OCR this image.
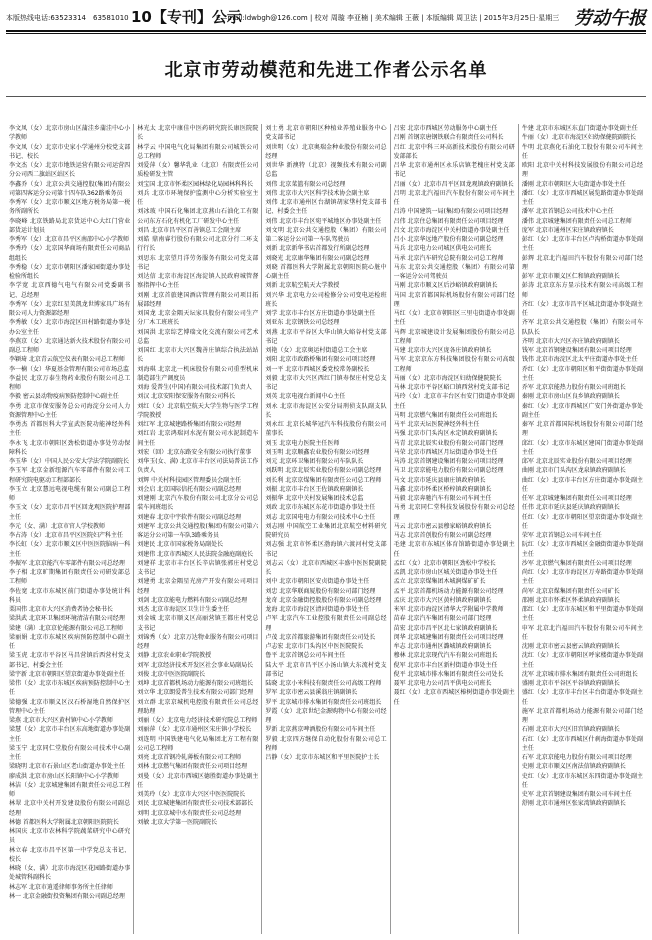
本版热线电话:63523314　63581010 10【专刊】公示
E—mail:ldwbgh@126.com | 校对 周璇 李亚楠 | 美术编辑 王薇 | 本版编辑 周卫法 | 2015年3月25日·星期三 劳动午报
北京市劳动模范和先进工作者公示名单

李文凤（女）北京市房山区蒲洼乡蒲洼中心小学教师

李文凤（女）北京市史家小学通州分校党支部书记、校长

李文杰（女）北京市地铁运营有限公司运营四分公司西二旗站区站区长

李鑫乔（女）北京公共交通控股(集团)有限公司第四客运分公司第十四车队362路乘务员

李秀军（女）北京市顺义区地方税务局第一税务所副所长

李晓峰 北京铁路局北京货运中心大红门营业部货运计划员

李秀军（女）北京市昌平区南邵中心小学教师

李秀玲（女）北京国华商场有限责任公司商品组组长

李秀稳（女）北京市朝阳区潘家园街道办事处检验所组长

李学宽 北京西德气电气有限公司党委副书记、总经理

李秀军（女）北京红星美凯龙世博家具广场有限公司人力资源部经理

李秀敏（女）北京市海淀区田村路街道办事处办公室主任

李燕京（女）北京通达新火技术股份有限公司副总工程师

李颖琦 北京青云航空仪表有限公司总工程师

李一楠（女）华夏基金管理有限公司市场总监

李益民 北京万泰生物药业股份有限公司总工程师

李毅 密云县动物疫病预防控制中心副主任

李勇 北京市保安服务总公司海淀分公司人力资源管理中心主任

李勇杰 首都医科大学宣武医院功能神经外科主任

李永飞 北京市朝阳区劲松街道办事处劳动保障科长

李玉华（女）中国人民公安大学法学院副院长

李玉军 北京金新纽源汽车零部件有限公司工程研究院电驱动工程部部长

李玉立 北京慧远电视电缆有限公司副总工程师

李玉文（女）北京市昌平区回龙观医院护理部主任

李元（女、满）北京市官人学校教师

李占涛（女）北京市昌平区医院妇产科主任

李长虹（女）北京市顺义区中医医院脑病一科主任

李振军 北京京能汽车零部件有限公司总经理

李子相 北京旷期集团有限责任公司研发部总工程师

李佐宽 北京市东城区前门街道办事处统计科科员

栗国伟 北京市大兴区消费者协会秘书长

梁洪武 北京环卫集团环境清洁有限公司经理

梁建（满）北京京伦能源有限公司总工程师

梁丽娟 北京市东城区疾病预防控制中心副主任

梁玉虎 北京市平谷区马昌营镇后西营村党支部书记、村委会主任

梁宇新 北京市朝阳区望京街道办事处副主任

梁伟（女）北京市东城区疾病预防控制中心主任

梁德强 北京市顺义区汉石桥湿地自然保护区管理中心主任

梁燕 北京市大兴区黄村镇中心小学教师

梁慧（女）北京市丰台区东高地街道办事处副主任

梁玉宁 北京同仁堂股份有限公司技术中心副主任

梁晓明 北京市石景山区老山街道办事处主任

廖成洪 北京市房山区长阳镇中心小学教师

林洁（女）北京城建集团有限责任公司总工程师

林翠 北京中关村开发建设股份有限公司副总经理

林德 首都医科大学附属北京朝阳医院院长

林国庆 北京市农林科学院蔬菜研究中心研究员

林立春 北京市昌平区第一中学党总支书记、校长

林晓（女、满）北京市海淀区花园路街道办事处城管科副科长

林志军 北京市逍遥律师事务所主任律师

林一 北京金融街投资集团有限公司副总经理

林光太 北京中康佳中医药研究院长康医院院长

林学云 中国电气化局集团有限公司城铁公司总工程师

刘爱萍（女）馨华乳业（北京）有限责任公司质检研发主管

刘宝国 北京市怀柔区园林绿化局园林科科长

刘兵 北京市环境保护监测中心分析实验室主任

刘冰玻 中国石化集团北京燕山石油化工有限公司东方石化有机化工厂研发中心主任

刘昌 北京市昌平区百善镇总工会副主席

刘皓 鼎南睿行股份有限公司北京分行二环支行行长

刘思东 北京望月洋劳务服务有限公司党支部书记

刘达信 北京市海淀区海淀镇人民政府城管督察指挥中心主任

刘刚 北京首旅建国酒店管理有限公司项目拓展部经理

刘国龙 北京金隅天坛家具股份有限公司生产分厂木工班班长

刘国洪 北京综艺博瑞文化交流有限公司艺术总监

刘国红 北京市大兴区魏善庄镇综合执法站站长

刘海琪 北京北一机床股份有限公司重型机床制造部生产调度员

刘海 爱普生(中国)有限公司技术部门负责人

刘汉 北京安阳保安服务有限公司科长

刘红（女）北京航空航天大学生物与医学工程学院教授

刘红军 北京城建路桥集团有限公司经理

刘红岩 北京鸿瑞河水泥有限公司水泥制造车间主任

刘宏（回）北京东路安全有限公司执行董事

刘华玉(女、满) 北京市丰台区司法局普法工作负责人

刘辉 中关村科技园区管理委员会副主任

刘会启 北京国际信托有限公司副总经理

刘建刚 北京汽车股份有限公司北京分公司总装车间班组长

刘建春 北京中宇软件有限公司副总经理

刘建军 北京公共交通控股(集团)有限公司第六客运分公司第一车队3路乘务员

刘建民 北京市国家税务局副处长

刘建伟 北京市西城区人民法院金融庭副庭长

刘建祥 北京市丰台区长辛店镇张郭庄村党总支书记

刘建勇 北京金隅星光房产开发有限公司项目经理

刘剑 北京京能电力燃料有限公司副总经理

刘杰 北京市海淀区卫生计生委主任

刘金城 北京市顺义区高丽营镇王都庄村党总支书记

刘锦秀（女）北京万达物业服务有限公司项目经理

刘静 北京农业职业学院教授

刘军 北京经济技术开发区社会事业局副局长

刘俊 北京中医医院副院长

刘坤 北京首都机场动力能源有限公司班组长

刘立华 北京朗爱普生技术有限公司部门经理

刘立群 北京京城机电控股有限责任公司总经理助理

刘丽（女）北京电力经济技术研究院总工程师

刘丽萍（女）北京市通州区宋庄镇小学校长

刘连明 中国铁建电气化局集团北方工程有限公司总工程师

刘亮 北京首钢冷轧薄板有限公司工程师

刘林 北京燃气集团有限责任公司项目经理

刘曼（女）北京市西城区德胜街道办事处副主任

刘美玲（女）北京市大兴区中医医院院长

刘民 北京城建集团有限责任公司技术部部长

刘明 北京京城中水有限责任公司总经理

刘敏 北京大学第一医院副院长

刘士勇 北京市朝阳区种植业养殖业服务中心党支部书记

刘世明（女）北京奥瑞金种业股份有限公司总经理

刘世华 新澳特（北京）视频技术有限公司副总监

刘伟 北京菜篮有限公司总经理

刘伟 北京市大兴区科学技术协会副主席

刘伟 北京市通州区台湖镇胡家垡村党支部书记、村委会主任

刘伟 北京市丰台区宛平城地区办事处副主任

刘文明 北京公共交通控股（集团）有限公司第二客运分公司第一车队驾驶员

刘新 北京新华书店首都发行所副总经理

刘晓光 北京康华集团有限公司副总经理

刘晓 首都医科大学附属北京朝阳医院心脏中心副主任

刘新 北京航空航天大学教授

刘兴华 北京电力公司检修分公司变电运检班班长

刘学 北京市丰台区方庄街道办事处副主任

刘亚东 北京钢铁公司总经理

刘燕 北京市平谷区大华山镇大峪谷村党支部书记

刘艳（女）北京奥运村街道总工会主席

刘阳 北京市政路桥集团有限公司项目经理

刘一平 北京市西城区委党校常务副校长

刘毅 北京市大兴区西红门镇寿保庄村党总支书记

刘英 北京电视台新闻中心主任

刘永 北京市海淀区公安分局刑侦支队副支队长

刘永红 北京长城华冠汽车科技股份有限公司董事长

刘玉 北京电力医院主任医师

刘玉明 北京顺鑫农业股份有限公司经理

刘元 北京环卫集团有限公司车队队长

刘跃明 北京北辰实业股份有限公司副总经理

刘长利 北京京煤集团有限责任公司总工程师

刘振 北京市丰台区王佐镇政府副镇长

刘振华 北京中关村发展集团技术总监

刘政 北京市东城区东花市街道办事处主任

刘志 北京国电电力有限公司技术中心主任

刘志刚 中国航空工业集团北京航空材料研究院研究员

刘志强 北京市怀柔区渤海镇六渡河村党支部书记

刘志云（女）北京市西城区丰盛中医医院副院长

刘中 北京市朝阳区安贞街道办事处主任

刘忠 北京华联商厦股份有限公司部门经理

龙奇 北京金融街控股股份有限公司副总经理

龙海 北京市海淀区清河街道办事处主任

卢军 北京汽车工业控股有限责任公司副总经理

卢茂 北京首都旅游集团有限责任公司处长

卢志宏 北京市门头沟区中医医院院长

鲁平 北京首钢总公司车间主任

陆大平 北京市昌平区小汤山镇大东流村党支部书记

陆晓 北京小米科技有限责任公司高级工程师

罗军 北京市密云县溪翁庄镇副镇长

罗平 北京城市排水集团有限责任公司班组长

罗霞（女）北京世纪金源购物中心有限公司经理

罗新 北京燕京啤酒股份有限公司车间主任

罗毅 北京四方继保自动化股份有限公司总工程师

吕静（女）北京市东城区和平里医院护士长

吕宏 北京市西城区劳动服务中心副主任

吕刚 首钢京唐钢铁联合有限责任公司科长

吕红 北京中科三环高新技术股份有限公司研发部部长

吕华 北京市通州区永乐店镇老槐庄村党支部书记

吕丽（女）北京市昌平区回龙观镇政府副镇长

吕明 北京北汽福田汽车股份有限公司车间主任

吕涛 中国建筑一局(集团)有限公司项目经理

吕伟 北京住总集团有限责任公司项目经理

吕文 北京市海淀区中关村街道办事处副主任

吕小 北京华远地产股份有限公司副总经理

马兵 北京电力公司城区供电公司班长

马承 北京汽车研究总院有限公司总工程师

马东 北京公共交通控股（集团）有限公司第一客运分公司驾驶员

马刚 北京市顺义区后沙峪镇政府副镇长

马国 北京首都国际机场股份有限公司部门经理

马红（女）北京市朝阳区三里屯街道办事处副主任

马辉 北京城建设计发展集团股份有限公司总工程师

马建 北京市大兴区庞各庄镇政府镇长

马军 北京京东方科技集团股份有限公司高级工程师

马丽（女）北京市海淀区妇幼保健院院长

马林 北京市平谷区峪口镇西营村党支部书记

马玲（女）北京市丰台区右安门街道办事处副主任

马明 北京燃气集团有限责任公司班组长

马平 北京天坛医院神经外科主任

马强 北京市门头沟区永定镇政府副镇长

马青 北京北辰实业股份有限公司部门经理

马荣 北京市西城区月坛街道办事处主任

马涛 北京首钢建设集团有限公司项目经理

马卫 北京京能电力股份有限公司副总经理

马文 北京市延庆县康庄镇政府镇长

马鑫 北京市怀柔区桥梓镇政府副镇长

马毅 北京奔驰汽车有限公司车间主任

马勇 北京同仁堂科技发展股份有限公司总经理

马云 北京市密云县穆家峪镇政府镇长

马志 北京首创股份有限公司副总经理

毛建 北京市东城区体育馆路街道办事处副主任

孟红（女）北京市朝阳区劲松中学校长

孟凯 北京市房山区城关街道办事处主任

孟立 北京京煤集团木城涧煤矿矿长

孟平 北京首都机场动力能源有限公司经理

孟庆 北京市大兴区黄村镇政府副镇长

米军 北京市海淀区清华大学附属中学教师

苗春 北京汽车集团有限公司部门经理

苗宏 北京市昌平区北七家镇政府副镇长

闵华 北京城建集团有限责任公司项目经理

牟志 北京市通州区潞城镇政府副镇长

穆林 北京北京现代汽车有限公司班组长

倪军 北京市丰台区新村街道办事处主任

倪平 北京城市排水集团有限责任公司处长

聂军 北京电力公司昌平供电公司班长

聂红（女）北京市西城区椿树街道办事处副主任

牛建 北京市东城区东直门街道办事处副主任

牛丽（女）北京市海淀区妇幼保健院副院长

牛明 北京燕化石油化工股份有限公司车间主任

欧阳 北京中关村科技发展股份有限公司总经理

潘刚 北京市朝阳区大屯街道办事处主任

潘红（女）北京市西城区展览路街道办事处副主任

潘军 北京首钢总公司技术中心主任

潘伟 北京城建集团有限责任公司总工程师

庞军 北京市通州区宋庄镇政府镇长

彭红（女）北京市丰台区卢沟桥街道办事处副主任

彭辉 北京北汽福田汽车股份有限公司部门经理

彭军 北京市顺义区仁和镇政府副镇长

彭涛 北京京东方显示技术有限公司高级工程师

齐红（女）北京市昌平区城北街道办事处副主任

齐军 北京公共交通控股（集团）有限公司车队队长

齐明 北京市大兴区亦庄镇政府副镇长

钱军 北京首钢建设集团有限公司项目经理

钱伟 北京市海淀区北太平庄街道办事处主任

乔红（女）北京市朝阳区和平街街道办事处副主任

乔军 北京京能热力股份有限公司班组长

秦刚 北京市房山区良乡镇政府副镇长

秦红（女）北京市西城区广安门外街道办事处副主任

秦军 北京首都国际机场股份有限公司部门经理

邱红（女）北京市东城区建国门街道办事处副主任

邱军 北京北辰实业股份有限公司项目经理

曲刚 北京市门头沟区龙泉镇政府副镇长

曲红（女）北京市丰台区方庄街道办事处副主任

任军 北京城建集团有限责任公司项目经理

任伟 北京市延庆县延庆镇政府副镇长

任红（女）北京市朝阳区望京街道办事处副主任

荣军 北京首钢总公司车间主任

阮红（女）北京市西城区金融街街道办事处副主任

沙军 北京燃气集团有限责任公司项目经理

尚红（女）北京市海淀区万寿路街道办事处副主任

尚军 北京京煤集团有限责任公司矿长

邵刚 北京市怀柔区怀柔镇政府副镇长

邵红（女）北京市东城区和平里街道办事处副主任

申军 北京北汽福田汽车股份有限公司车间主任

沈刚 北京市密云县密云镇政府副镇长

沈红（女）北京市朝阳区呼家楼街道办事处副主任

沈军 北京城市排水集团有限责任公司班组长

盛刚 北京市平谷区平谷镇政府副镇长

盛红（女）北京市丰台区丰台街道办事处副主任

施军 北京首都机场动力能源有限公司部门经理

石刚 北京市大兴区旧宫镇政府副镇长

石红（女）北京市西城区什刹海街道办事处副主任

石军 北京京能电力股份有限公司项目经理

史刚 北京市顺义区南法信镇政府副镇长

史红（女）北京市东城区东四街道办事处副主任

史军 北京首钢建设集团有限公司车间主任

舒刚 北京市通州区张家湾镇政府副镇长
